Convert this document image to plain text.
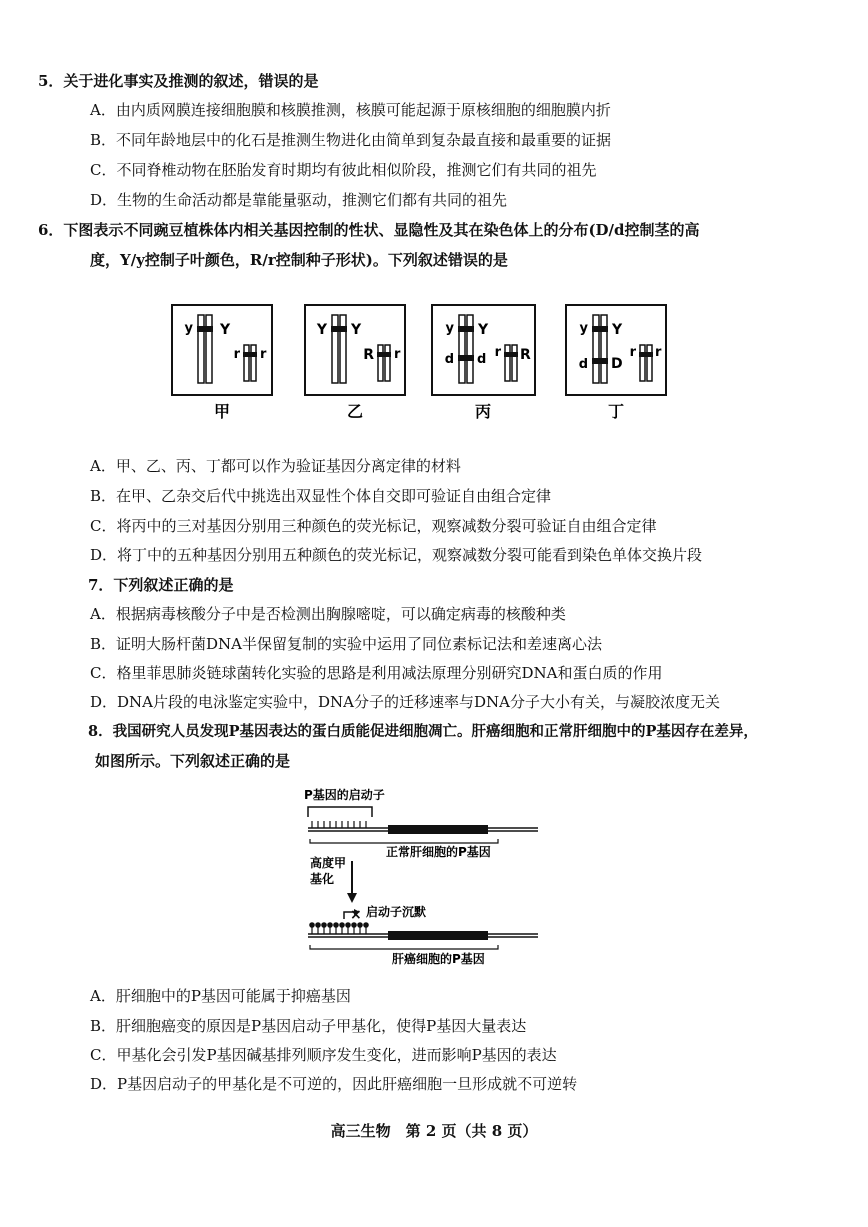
5．关于进化事实及推测的叙述，错误的是
A．由内质网膜连接细胞膜和核膜推测，核膜可能起源于原核细胞的细胞膜内折
B．不同年龄地层中的化石是推测生物进化由简单到复杂最直接和最重要的证据
C．不同脊椎动物在胚胎发育时期均有彼此相似阶段，推测它们有共同的祖先
D．生物的生命活动都是靠能量驱动，推测它们都有共同的祖先
6．下图表示不同豌豆植株体内相关基因控制的性状、显隐性及其在染色体上的分布(D/d控制茎的高
度，Y/y控制子叶颜色，R/r控制种子形状)。下列叙述错误的是
y Y
r r
甲
Y Y
R r
乙
y Y
d d r R
丙
y Y
d D
r r
丁
A．甲、乙、丙、丁都可以作为验证基因分离定律的材料
B．在甲、乙杂交后代中挑选出双显性个体自交即可验证自由组合定律
C．将丙中的三对基因分别用三种颜色的荧光标记，观察减数分裂可验证自由组合定律
D．将丁中的五种基因分别用五种颜色的荧光标记，观察减数分裂可能看到染色单体交换片段
7．下列叙述正确的是
A．根据病毒核酸分子中是否检测出胸腺嘧啶，可以确定病毒的核酸种类
B．证明大肠杆菌DNA半保留复制的实验中运用了同位素标记法和差速离心法
C．格里菲思肺炎链球菌转化实验的思路是利用减法原理分别研究DNA和蛋白质的作用
D．DNA片段的电泳鉴定实验中，DNA分子的迁移速率与DNA分子大小有关，与凝胶浓度无关
8．我国研究人员发现P基因表达的蛋白质能促进细胞凋亡。肝癌细胞和正常肝细胞中的P基因存在差异，
如图所示。下列叙述正确的是
P基因的启动子
正常肝细胞的P基因
高度甲
基化
× 启动子沉默
肝癌细胞的P基因
A．肝细胞中的P基因可能属于抑癌基因
B．肝细胞癌变的原因是P基因启动子甲基化，使得P基因大量表达
C．甲基化会引发P基因碱基排列顺序发生变化，进而影响P基因的表达
D．P基因启动子的甲基化是不可逆的，因此肝癌细胞一旦形成就不可逆转
高三生物　第 2 页（共 8 页）
